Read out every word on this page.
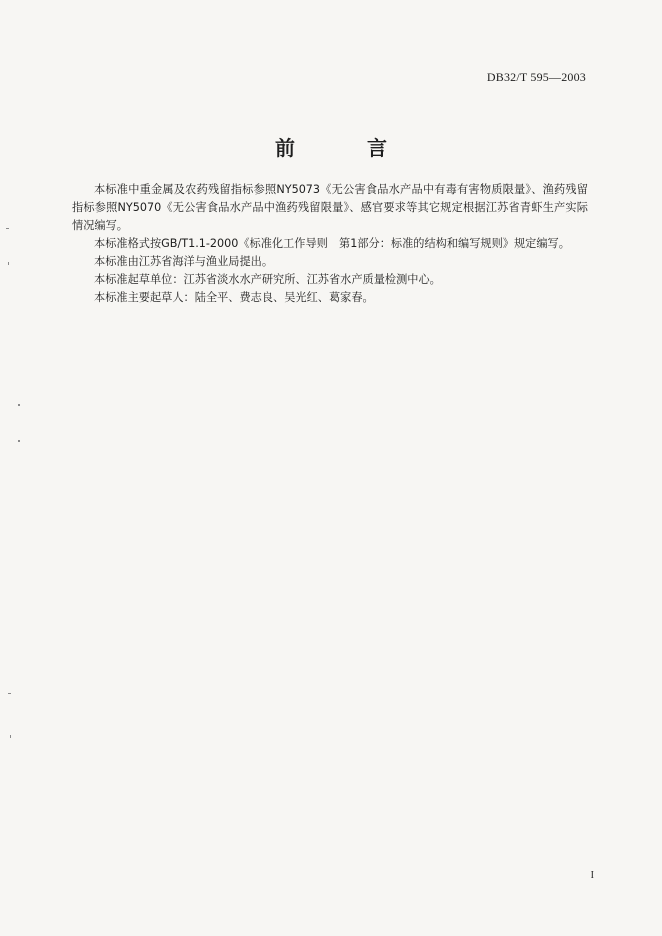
DB32/T 595—2003
前　言

本标准中重金属及农药残留指标参照NY5073《无公害食品水产品中有毒有害物质限量》、渔药残留指标参照NY5070《无公害食品水产品中渔药残留限量》、感官要求等其它规定根据江苏省青虾生产实际情况编写。

本标准格式按GB/T1.1-2000《标准化工作导则　第1部分：标准的结构和编写规则》规定编写。

本标准由江苏省海洋与渔业局提出。

本标准起草单位：江苏省淡水水产研究所、江苏省水产质量检测中心。

本标准主要起草人：陆全平、费志良、吴光红、葛家春。

I
